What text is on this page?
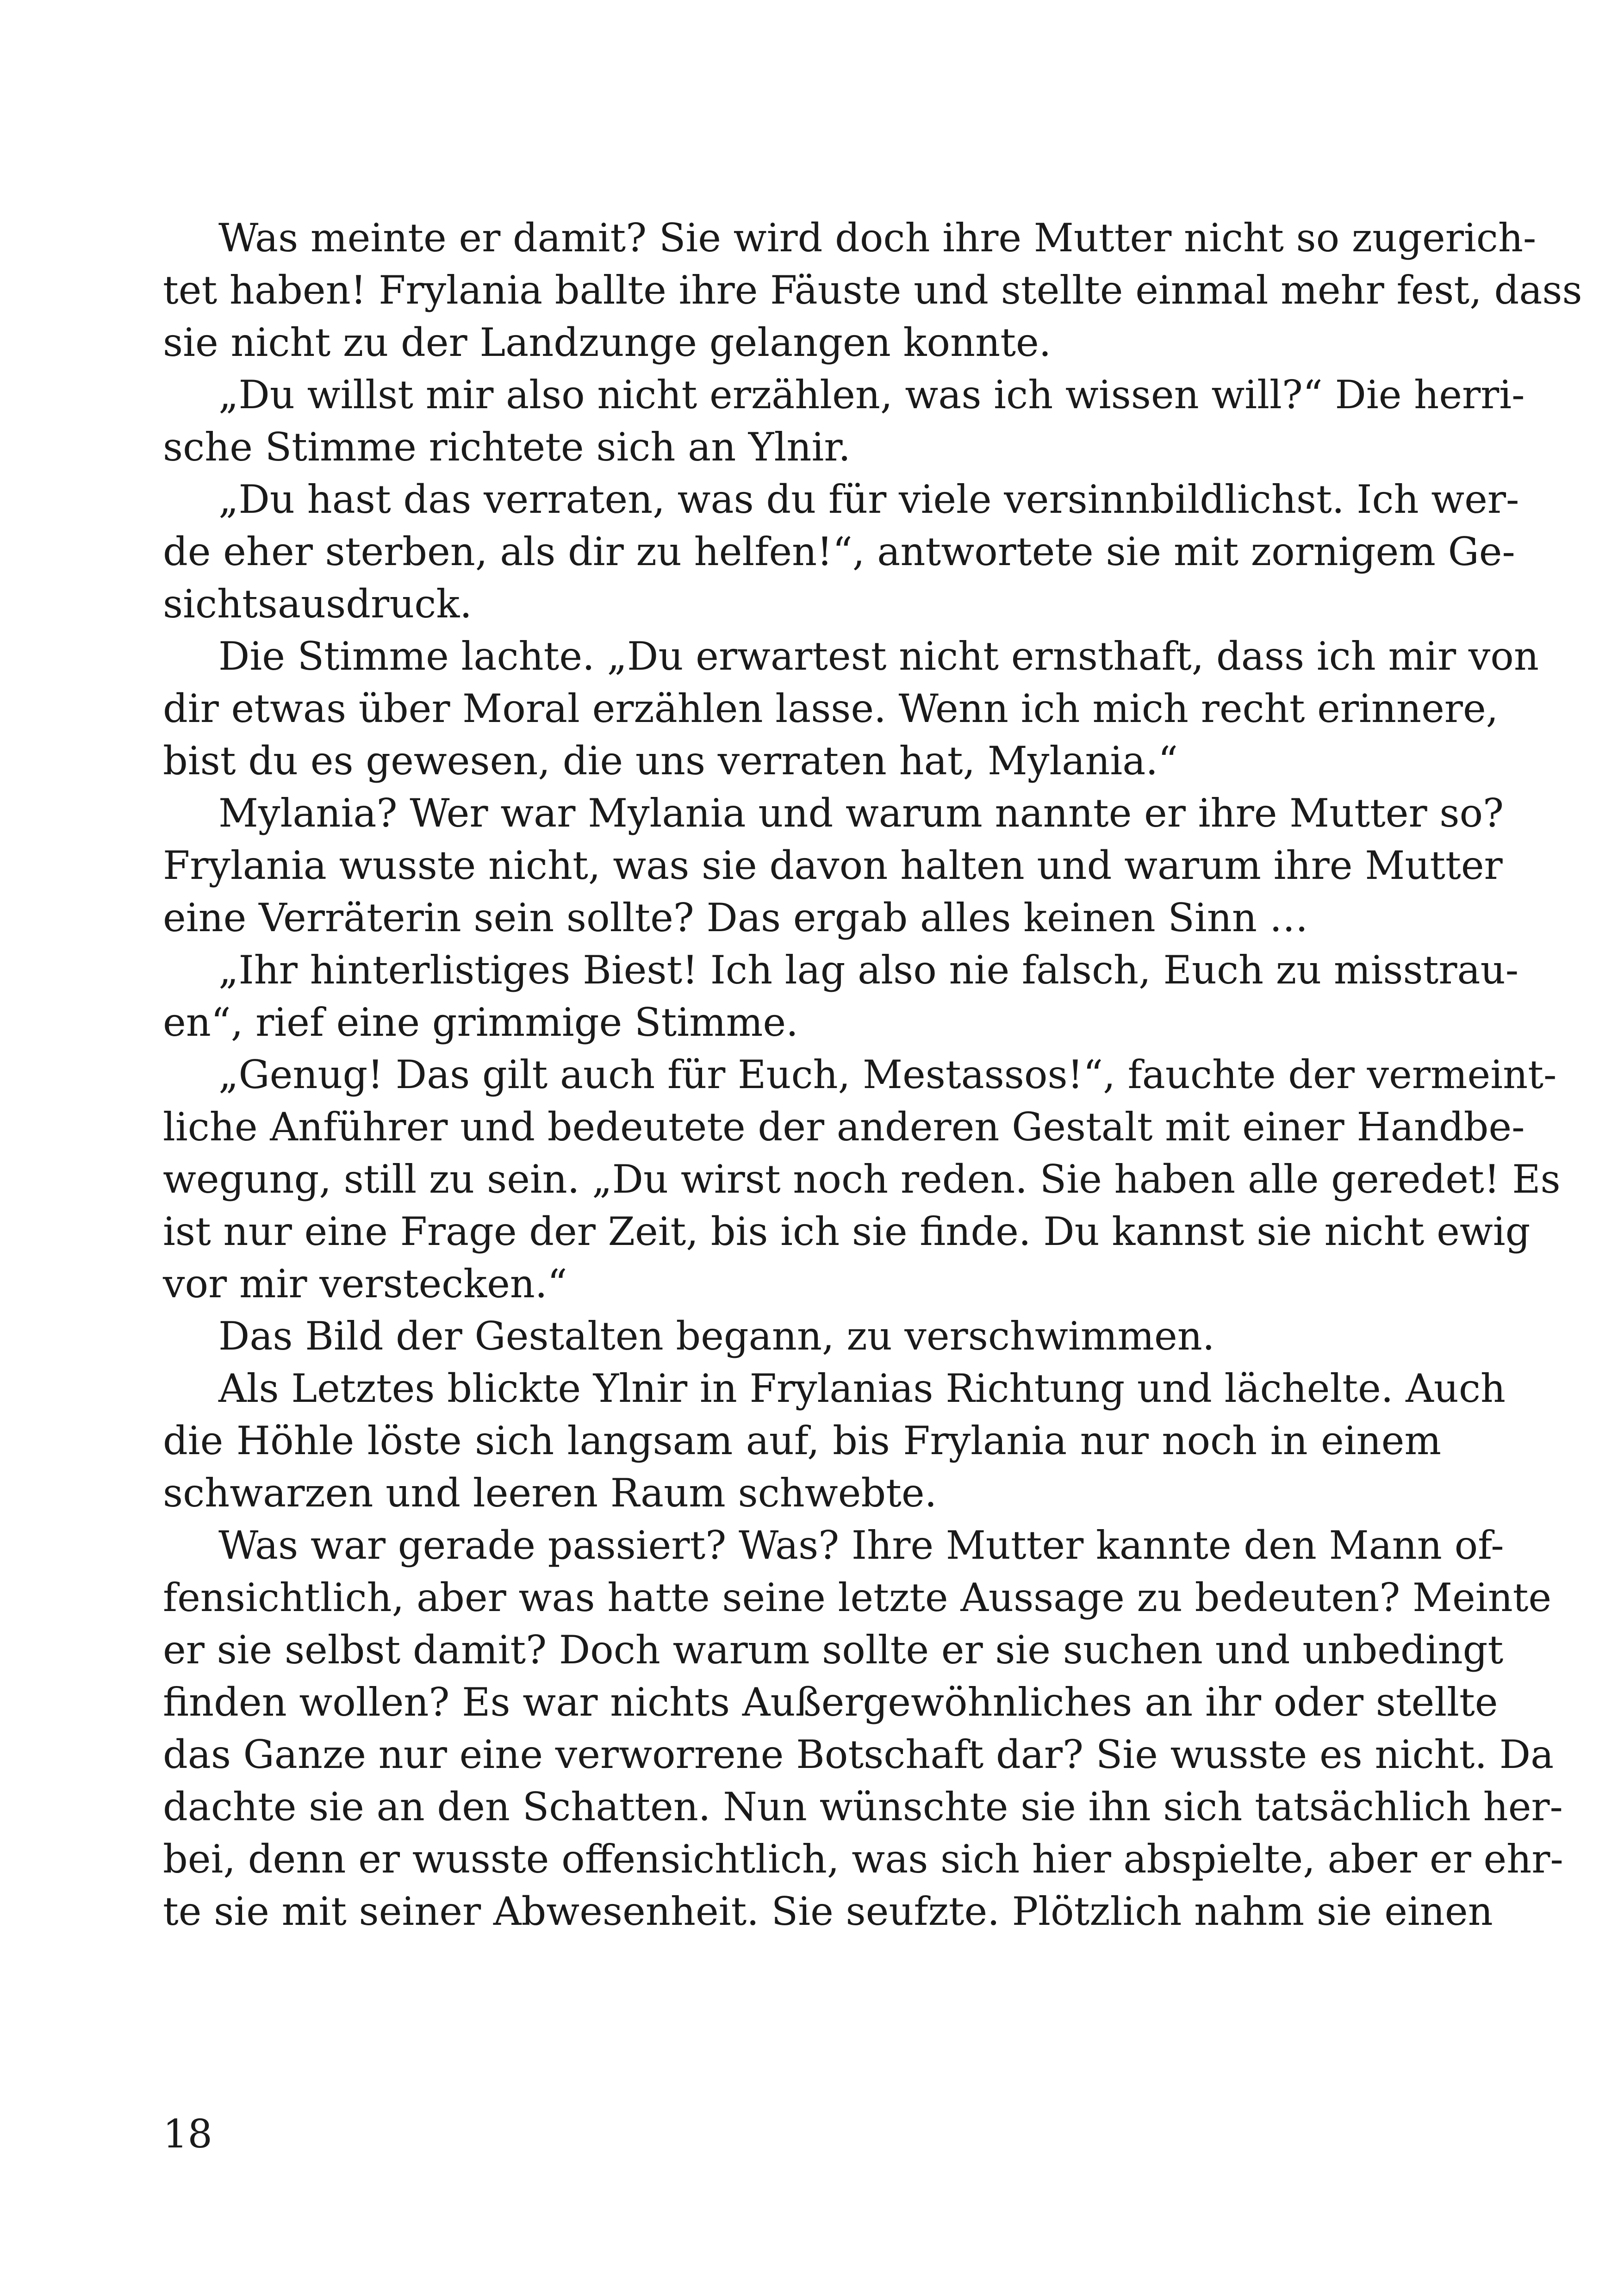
Was meinte er damit? Sie wird doch ihre Mutter nicht so zugerich-
tet haben! Frylania ballte ihre Fäuste und stellte einmal mehr fest, dass
sie nicht zu der Landzunge gelangen konnte.
„Du willst mir also nicht erzählen, was ich wissen will?“ Die herri-
sche Stimme richtete sich an Ylnir.
„Du hast das verraten, was du für viele versinnbildlichst. Ich wer-
de eher sterben, als dir zu helfen!“, antwortete sie mit zornigem Ge-
sichtsausdruck.
Die Stimme lachte. „Du erwartest nicht ernsthaft, dass ich mir von
dir etwas über Moral erzählen lasse. Wenn ich mich recht erinnere,
bist du es gewesen, die uns verraten hat, Mylania.“
Mylania? Wer war Mylania und warum nannte er ihre Mutter so?
Frylania wusste nicht, was sie davon halten und warum ihre Mutter
eine Verräterin sein sollte? Das ergab alles keinen Sinn …
„Ihr hinterlistiges Biest! Ich lag also nie falsch, Euch zu misstrau-
en“, rief eine grimmige Stimme.
„Genug! Das gilt auch für Euch, Mestassos!“, fauchte der vermeint-
liche Anführer und bedeutete der anderen Gestalt mit einer Handbe-
wegung, still zu sein. „Du wirst noch reden. Sie haben alle geredet! Es
ist nur eine Frage der Zeit, bis ich sie finde. Du kannst sie nicht ewig
vor mir verstecken.“
Das Bild der Gestalten begann, zu verschwimmen.
Als Letztes blickte Ylnir in Frylanias Richtung und lächelte. Auch
die Höhle löste sich langsam auf, bis Frylania nur noch in einem
schwarzen und leeren Raum schwebte.
Was war gerade passiert? Was? Ihre Mutter kannte den Mann of-
fensichtlich, aber was hatte seine letzte Aussage zu bedeuten? Meinte
er sie selbst damit? Doch warum sollte er sie suchen und unbedingt
finden wollen? Es war nichts Außergewöhnliches an ihr oder stellte
das Ganze nur eine verworrene Botschaft dar? Sie wusste es nicht. Da
dachte sie an den Schatten. Nun wünschte sie ihn sich tatsächlich her-
bei, denn er wusste offensichtlich, was sich hier abspielte, aber er ehr-
te sie mit seiner Abwesenheit. Sie seufzte. Plötzlich nahm sie einen
18
